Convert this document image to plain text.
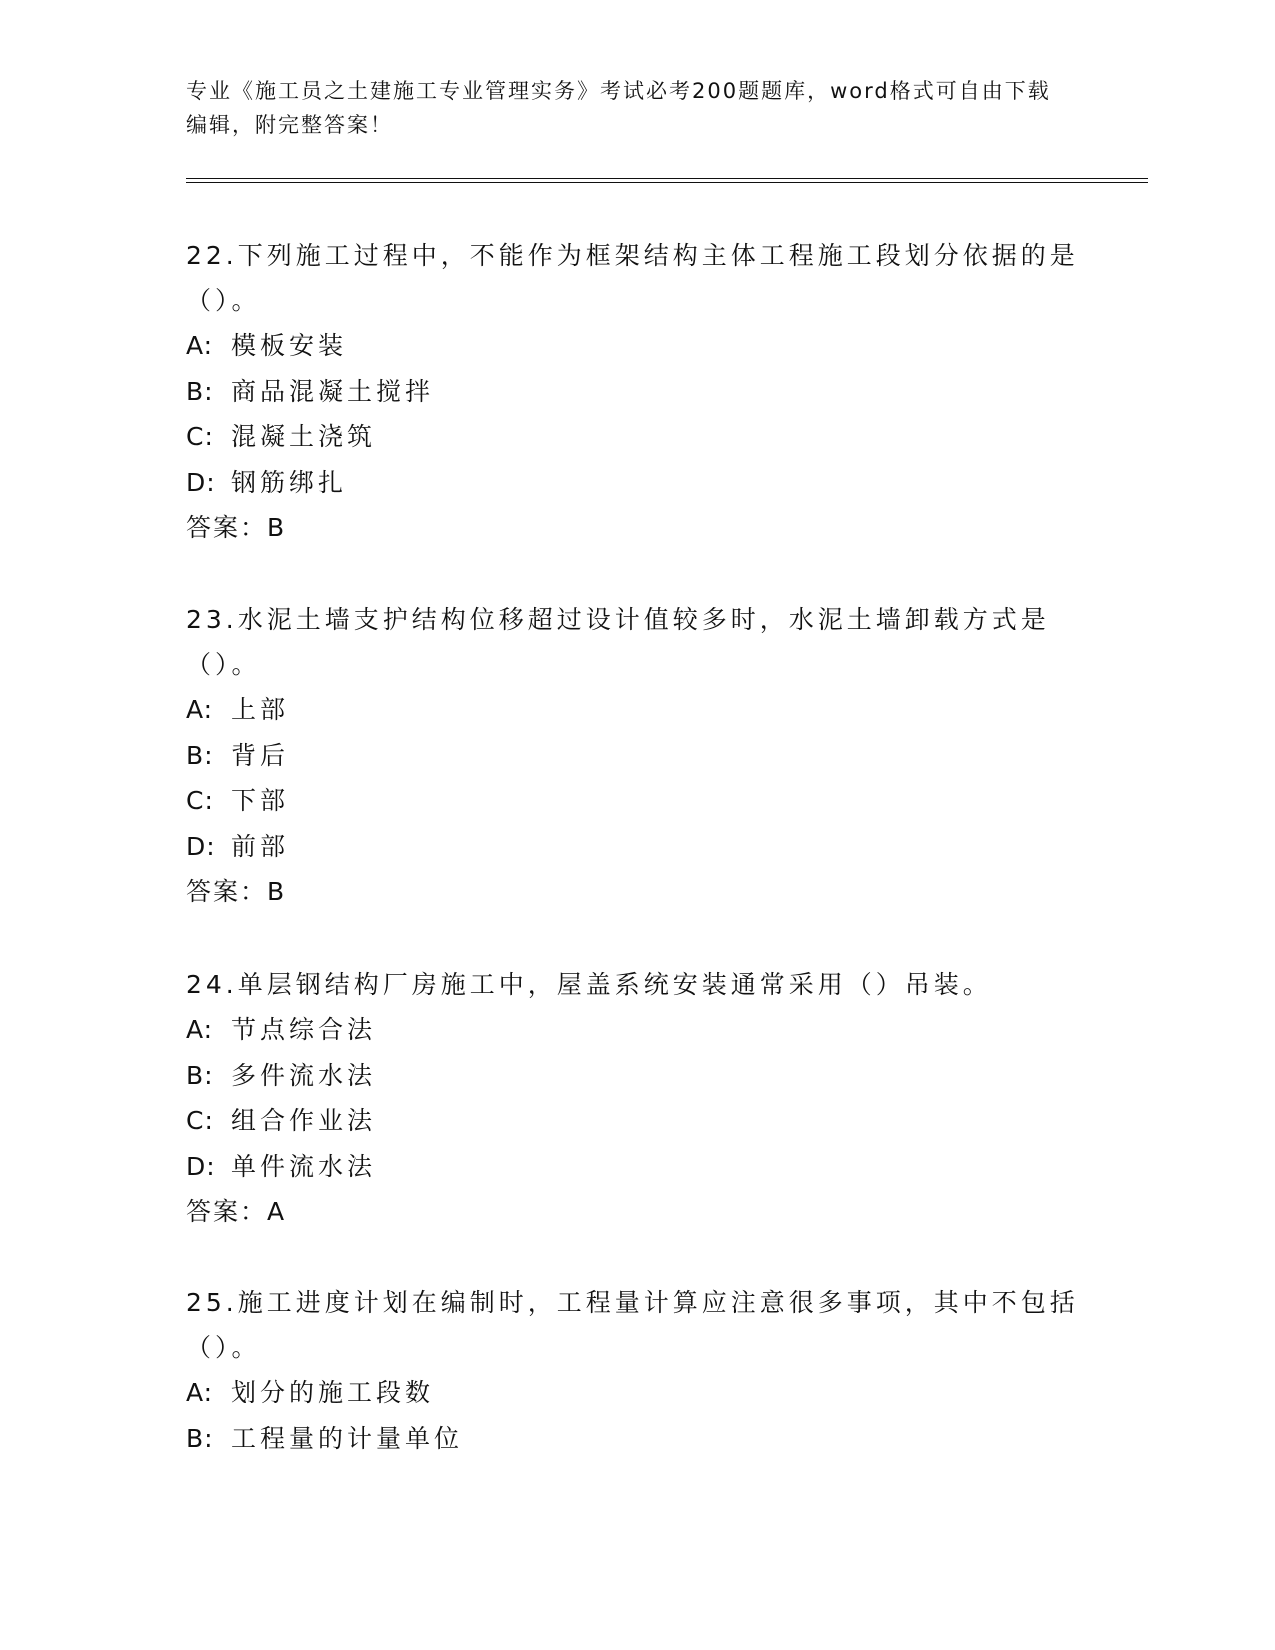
专业《施工员之土建施工专业管理实务》考试必考200题题库，word格式可自由下载编辑，附完整答案！

22.下列施工过程中，不能作为框架结构主体工程施工段划分依据的是（）。

A: 模板安装
B: 商品混凝土搅拌
C: 混凝土浇筑
D: 钢筋绑扎
答案：B

23.水泥土墙支护结构位移超过设计值较多时，水泥土墙卸载方式是（）。

A: 上部
B: 背后
C: 下部
D: 前部
答案：B

24.单层钢结构厂房施工中，屋盖系统安装通常采用（）吊装。

A: 节点综合法
B: 多件流水法
C: 组合作业法
D: 单件流水法
答案：A

25.施工进度计划在编制时，工程量计算应注意很多事项，其中不包括（）。

A: 划分的施工段数
B: 工程量的计量单位
